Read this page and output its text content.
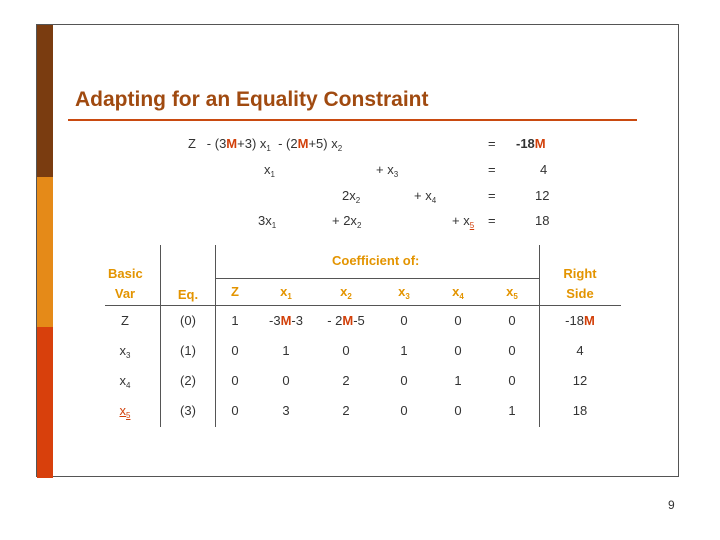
Adapting for an Equality Constraint
Z - (3M+3) $x_1 - (2M+5)$ $x_2$	= -18M
$x_1$	+ $x_3$	=	4
$2x_2$	+ $x_4$	=	12
$3x_1$	+ $2x_2$	+ $x_5$ =	18
Coefficient of:
Basic
Var	Eq.	Z	$x_1$	$x_2$	$x_3$	$x_4$	$x_5$
Right
Side
Z	(0)	1	-3M-3	- 2M-5	0	0	0	-18M
$x_3$	(1)	0	1	0	1	0	0	4
$x_4$	(2)	0	0	2	0	1	0	12
$x_5$	(3)	0	3	2	0	0	1	18
9
